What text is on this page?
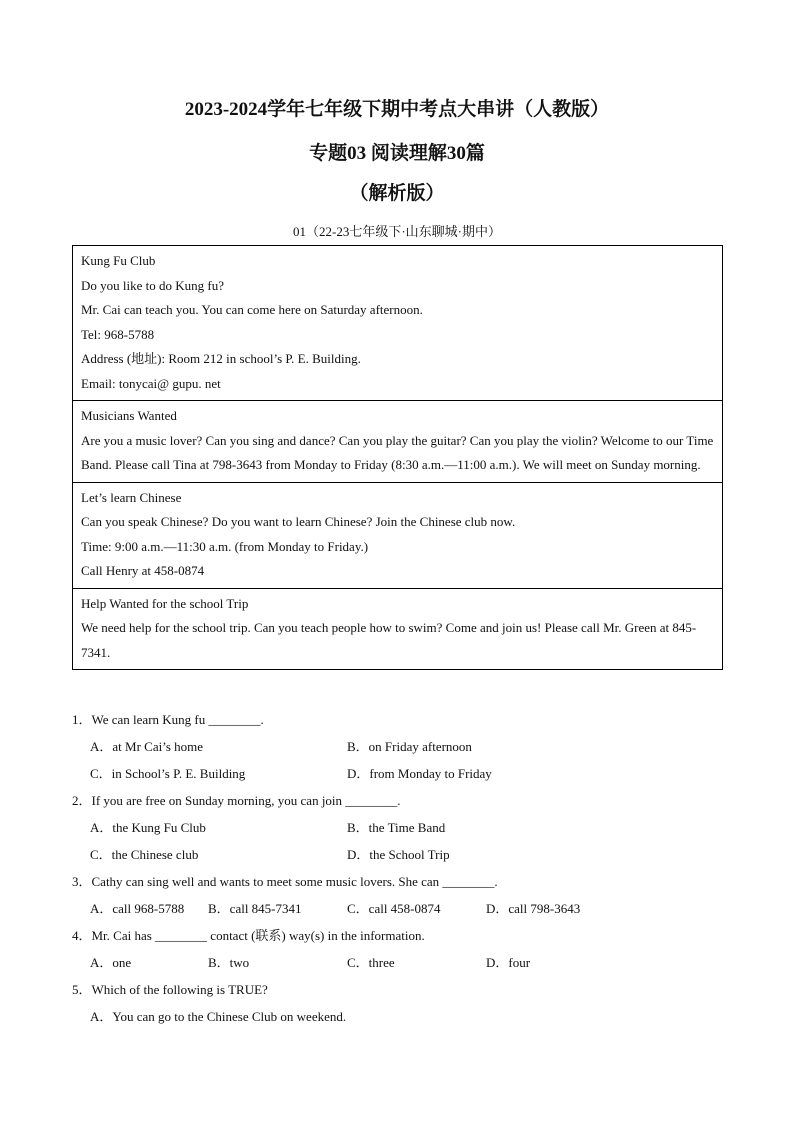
2023-2024学年七年级下期中考点大串讲（人教版）
专题03 阅读理解30篇
（解析版）
01（22-23七年级下·山东聊城·期中）

Kung Fu Club

Do you like to do Kung fu?

Mr. Cai can teach you. You can come here on Saturday afternoon.

Tel: 968-5788

Address (地址): Room 212 in school’s P. E. Building.

Email: tonycai@ gupu. net

Musicians Wanted

Are you a music lover? Can you sing and dance? Can you play the guitar? Can you play the violin? Welcome to our Time Band. Please call Tina at 798-3643 from Monday to Friday (8:30 a.m.—11:00 a.m.). We will meet on Sunday morning.

Let’s learn Chinese

Can you speak Chinese? Do you want to learn Chinese? Join the Chinese club now.

Time: 9:00 a.m.—11:30 a.m. (from Monday to Friday.)

Call Henry at 458-0874

Help Wanted for the school Trip

We need help for the school trip. Can you teach people how to swim? Come and join us! Please call Mr. Green at 845-7341.

1．We can learn Kung fu ________.
A．at Mr Cai’s home	B．on Friday afternoon
C．in School’s P. E. Building	D．from Monday to Friday
2．If you are free on Sunday morning, you can join ________.
A．the Kung Fu Club	B．the Time Band
C．the Chinese club	D．the School Trip
3．Cathy can sing well and wants to meet some music lovers. She can ________.
A．call 968-5788	B．call 845-7341	C．call 458-0874	D．call 798-3643
4．Mr. Cai has ________ contact (联系) way(s) in the information.
A．one	B．two	C．three	D．four
5．Which of the following is TRUE?
A．You can go to the Chinese Club on weekend.
